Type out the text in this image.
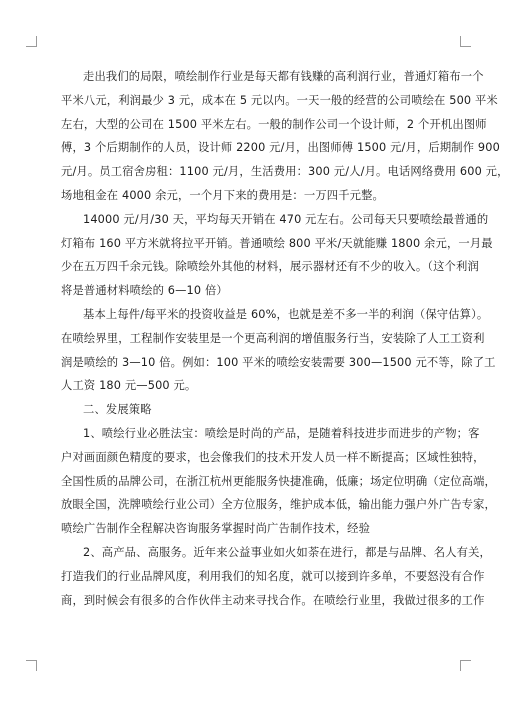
走出我们的局限，喷绘制作行业是每天都有钱赚的高利润行业，普通灯箱布一个
平米八元，利润最少 3 元，成本在 5 元以内。一天一般的经营的公司喷绘在 500 平米
左右，大型的公司在 1500 平米左右。一般的制作公司一个设计师，2 个开机出图师
傅，3 个后期制作的人员，设计师 2200 元/月，出图师傅 1500 元/月，后期制作 900
元/月。员工宿舍房租：1100 元/月，生活费用：300 元/人/月。电话网络费用 600 元，
场地租金在 4000 余元，一个月下来的费用是：一万四千元整。
14000 元/月/30 天，平均每天开销在 470 元左右。公司每天只要喷绘最普通的
灯箱布 160 平方米就将拉平开销。普通喷绘 800 平米/天就能赚 1800 余元，一月最
少在五万四千余元钱。除喷绘外其他的材料，展示器材还有不少的收入。（这个利润
将是普通材料喷绘的 6—10 倍）
基本上每件/每平米的投资收益是 60%，也就是差不多一半的利润（保守估算）。
在喷绘界里，工程制作安装里是一个更高利润的增值服务行当，安装除了人工工资利
润是喷绘的 3—10 倍。例如：100 平米的喷绘安装需要 300—1500 元不等，除了工
人工资 180 元—500 元。
二、发展策略
1、喷绘行业必胜法宝：喷绘是时尚的产品，是随着科技进步而进步的产物；客
户对画面颜色精度的要求，也会像我们的技术开发人员一样不断提高；区域性独特，
全国性质的品牌公司，在浙江杭州更能服务快捷准确，低廉；场定位明确（定位高端，
放眼全国，洗牌喷绘行业公司）全方位服务，维护成本低，输出能力强户外广告专家，
喷绘广告制作全程解决咨询服务掌握时尚广告制作技术，经验
2、高产品、高服务。近年来公益事业如火如荼在进行，都是与品牌、名人有关，
打造我们的行业品牌风度，利用我们的知名度，就可以接到许多单，不要怒没有合作
商，到时候会有很多的合作伙伴主动来寻找合作。在喷绘行业里，我做过很多的工作
